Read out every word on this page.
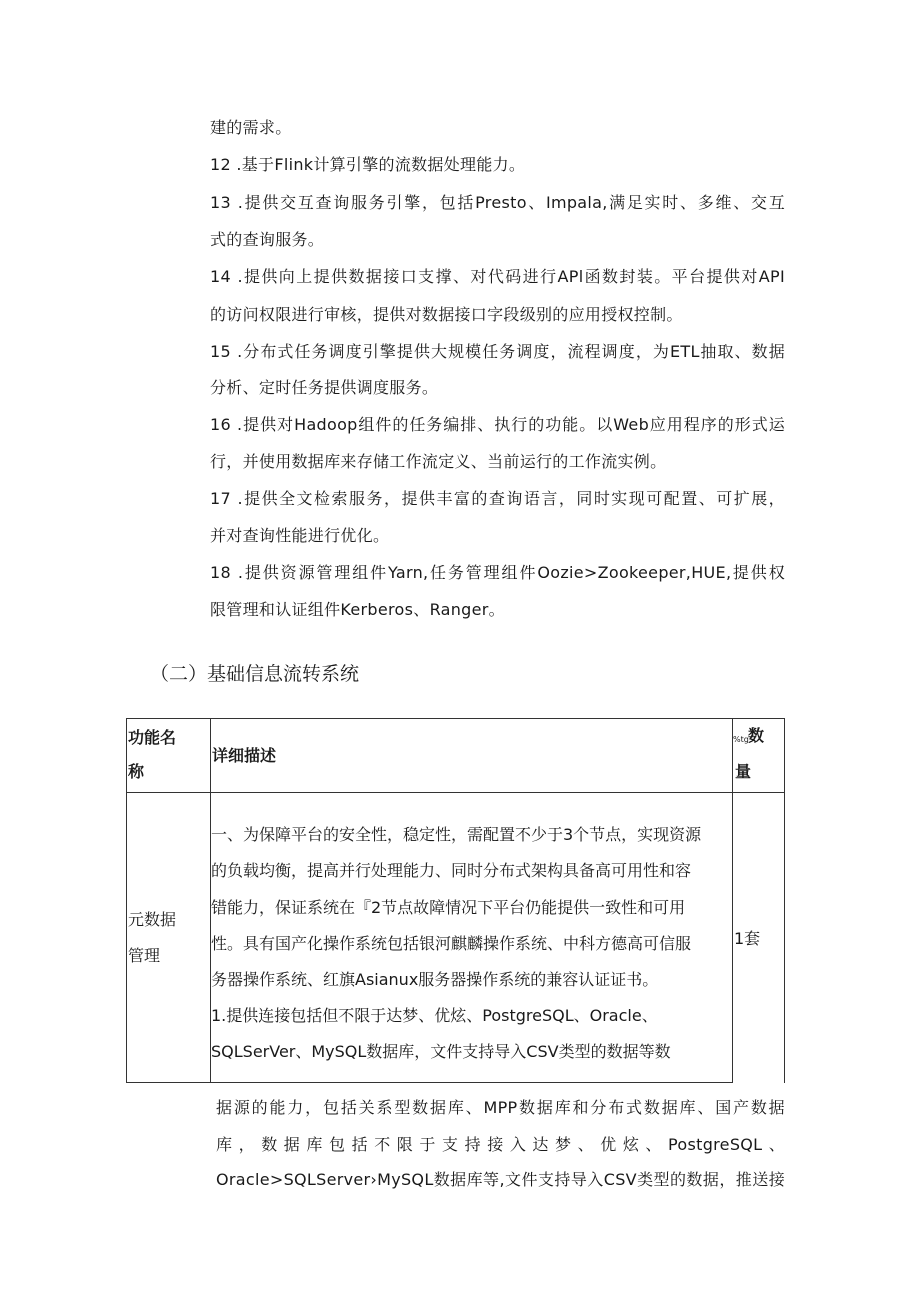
建的需求。
12 .基于Flink计算引擎的流数据处理能力。
13 .提供交互查询服务引擎，包括Presto、Impala,满足实时、多维、交互
式的查询服务。
14 .提供向上提供数据接口支撑、对代码进行APl函数封装。平台提供对API
的访问权限进行审核，提供对数据接口字段级别的应用授权控制。
15 .分布式任务调度引擎提供大规模任务调度，流程调度，为ETL抽取、数据
分析、定时任务提供调度服务。
16 .提供对Hadoop组件的任务编排、执行的功能。以Web应用程序的形式运
行，并使用数据库来存储工作流定义、当前运行的工作流实例。
17 .提供全文检索服务，提供丰富的查询语言，同时实现可配置、可扩展，
并对查询性能进行优化。
18 .提供资源管理组件Yarn,任务管理组件Oozie>Zookeeper,HUE,提供权
限管理和认证组件Kerberos、Ranger。
（二）基础信息流转系统
功能名
称
详细描述
%tg;
数
量
元数据
管理
一、为保障平台的安全性，稳定性，需配置不少于3个节点，实现资源
的负载均衡，提高并行处理能力、同时分布式架构具备高可用性和容
错能力，保证系统在『2节点故障情况下平台仍能提供一致性和可用
性。具有国产化操作系统包括银河麒麟操作系统、中科方德高可信服
务器操作系统、红旗Asianux服务器操作系统的兼容认证证书。
1.提供连接包括但不限于达梦、优炫、PostgreSQL、Oracle、
SQLSerVer、MySQL数据库，文件支持导入CSV类型的数据等数
1套
据源的能力，包括关系型数据库、MPP数据库和分布式数据库、国产数据
库，数据库包括不限于支持接入达梦、优炫、PostgreSQL、
Oracle>SQLServer›MySQL数据库等,文件支持导入CSV类型的数据，推送接
